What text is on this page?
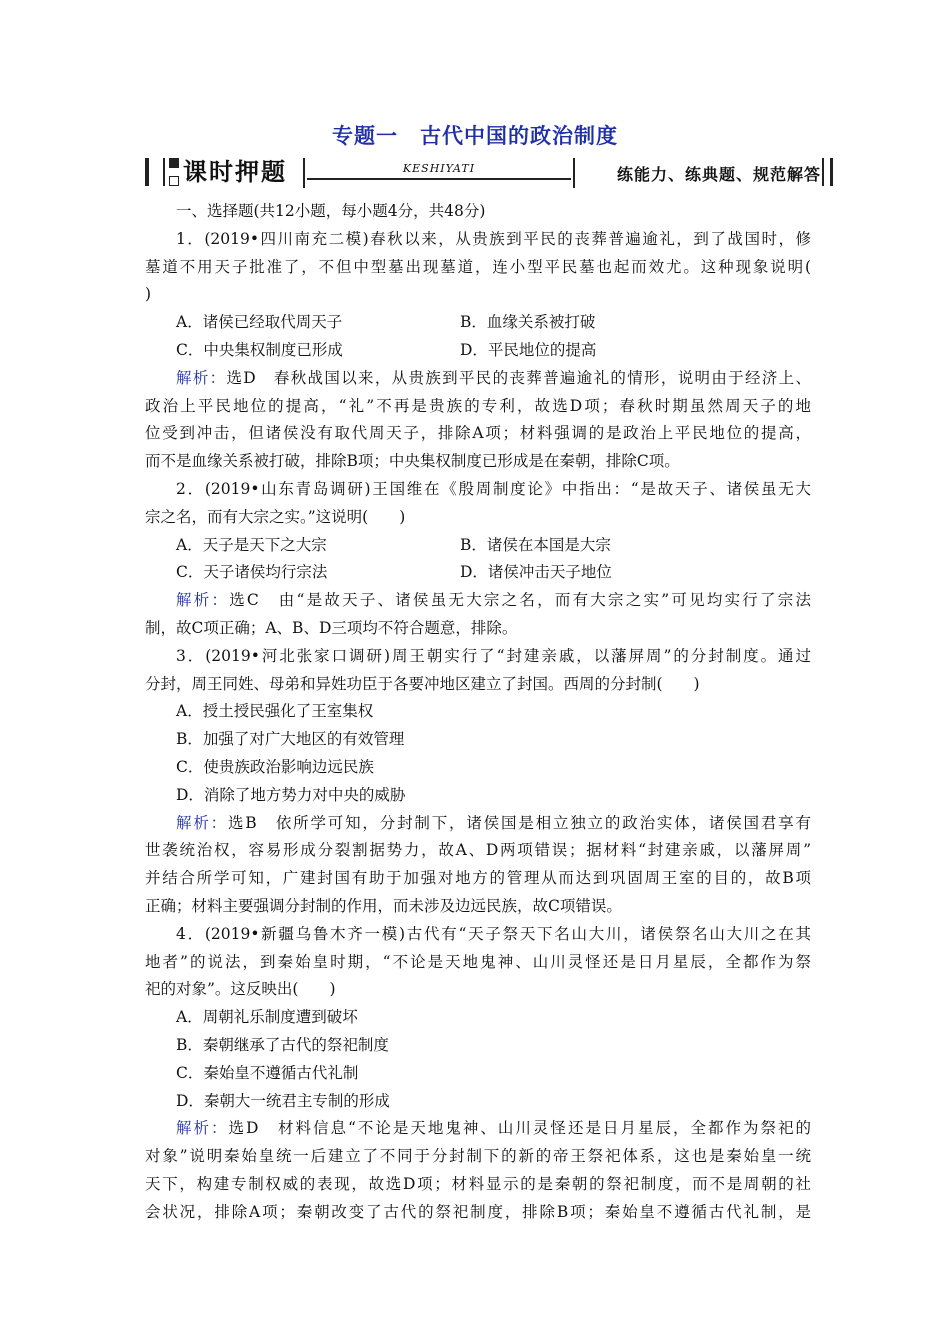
专题一　古代中国的政治制度
课时押题	KESHIYATI	练能力、练典题、规范解答
一、选择题(共12小题，每小题4分，共48分)
1．(2019•四川南充二模)春秋以来，从贵族到平民的丧葬普遍逾礼，到了战国时，修
墓道不用天子批准了，不但中型墓出现墓道，连小型平民墓也起而效尤。这种现象说明(
)
A．诸侯已经取代周天子	B．血缘关系被打破
C．中央集权制度已形成	D．平民地位的提高
解析：选D　春秋战国以来，从贵族到平民的丧葬普遍逾礼的情形，说明由于经济上、
政治上平民地位的提高，“礼”不再是贵族的专利，故选D项；春秋时期虽然周天子的地
位受到冲击，但诸侯没有取代周天子，排除A项；材料强调的是政治上平民地位的提高，
而不是血缘关系被打破，排除B项；中央集权制度已形成是在秦朝，排除C项。
2．(2019•山东青岛调研)王国维在《殷周制度论》中指出：“是故天子、诸侯虽无大
宗之名，而有大宗之实。”这说明(　　)
A．天子是天下之大宗	B．诸侯在本国是大宗
C．天子诸侯均行宗法	D．诸侯冲击天子地位
解析：选C　由“是故天子、诸侯虽无大宗之名，而有大宗之实”可见均实行了宗法
制，故C项正确；A、B、D三项均不符合题意，排除。
3．(2019•河北张家口调研)周王朝实行了“封建亲戚，以藩屏周”的分封制度。通过
分封，周王同姓、母弟和异姓功臣于各要冲地区建立了封国。西周的分封制(　　)
A．授土授民强化了王室集权
B．加强了对广大地区的有效管理
C．使贵族政治影响边远民族
D．消除了地方势力对中央的威胁
解析：选B　依所学可知，分封制下，诸侯国是相立独立的政治实体，诸侯国君享有
世袭统治权，容易形成分裂割据势力，故A、D两项错误；据材料“封建亲戚，以藩屏周”
并结合所学可知，广建封国有助于加强对地方的管理从而达到巩固周王室的目的，故B项
正确；材料主要强调分封制的作用，而未涉及边远民族，故C项错误。
4．(2019•新疆乌鲁木齐一模)古代有“天子祭天下名山大川，诸侯祭名山大川之在其
地者”的说法，到秦始皇时期，“不论是天地鬼神、山川灵怪还是日月星辰，全都作为祭
祀的对象”。这反映出(　　)
A．周朝礼乐制度遭到破坏
B．秦朝继承了古代的祭祀制度
C．秦始皇不遵循古代礼制
D．秦朝大一统君主专制的形成
解析：选D　材料信息“不论是天地鬼神、山川灵怪还是日月星辰，全都作为祭祀的
对象”说明秦始皇统一后建立了不同于分封制下的新的帝王祭祀体系，这也是秦始皇一统
天下，构建专制权威的表现，故选D项；材料显示的是秦朝的祭祀制度，而不是周朝的社
会状况，排除A项；秦朝改变了古代的祭祀制度，排除B项；秦始皇不遵循古代礼制，是
